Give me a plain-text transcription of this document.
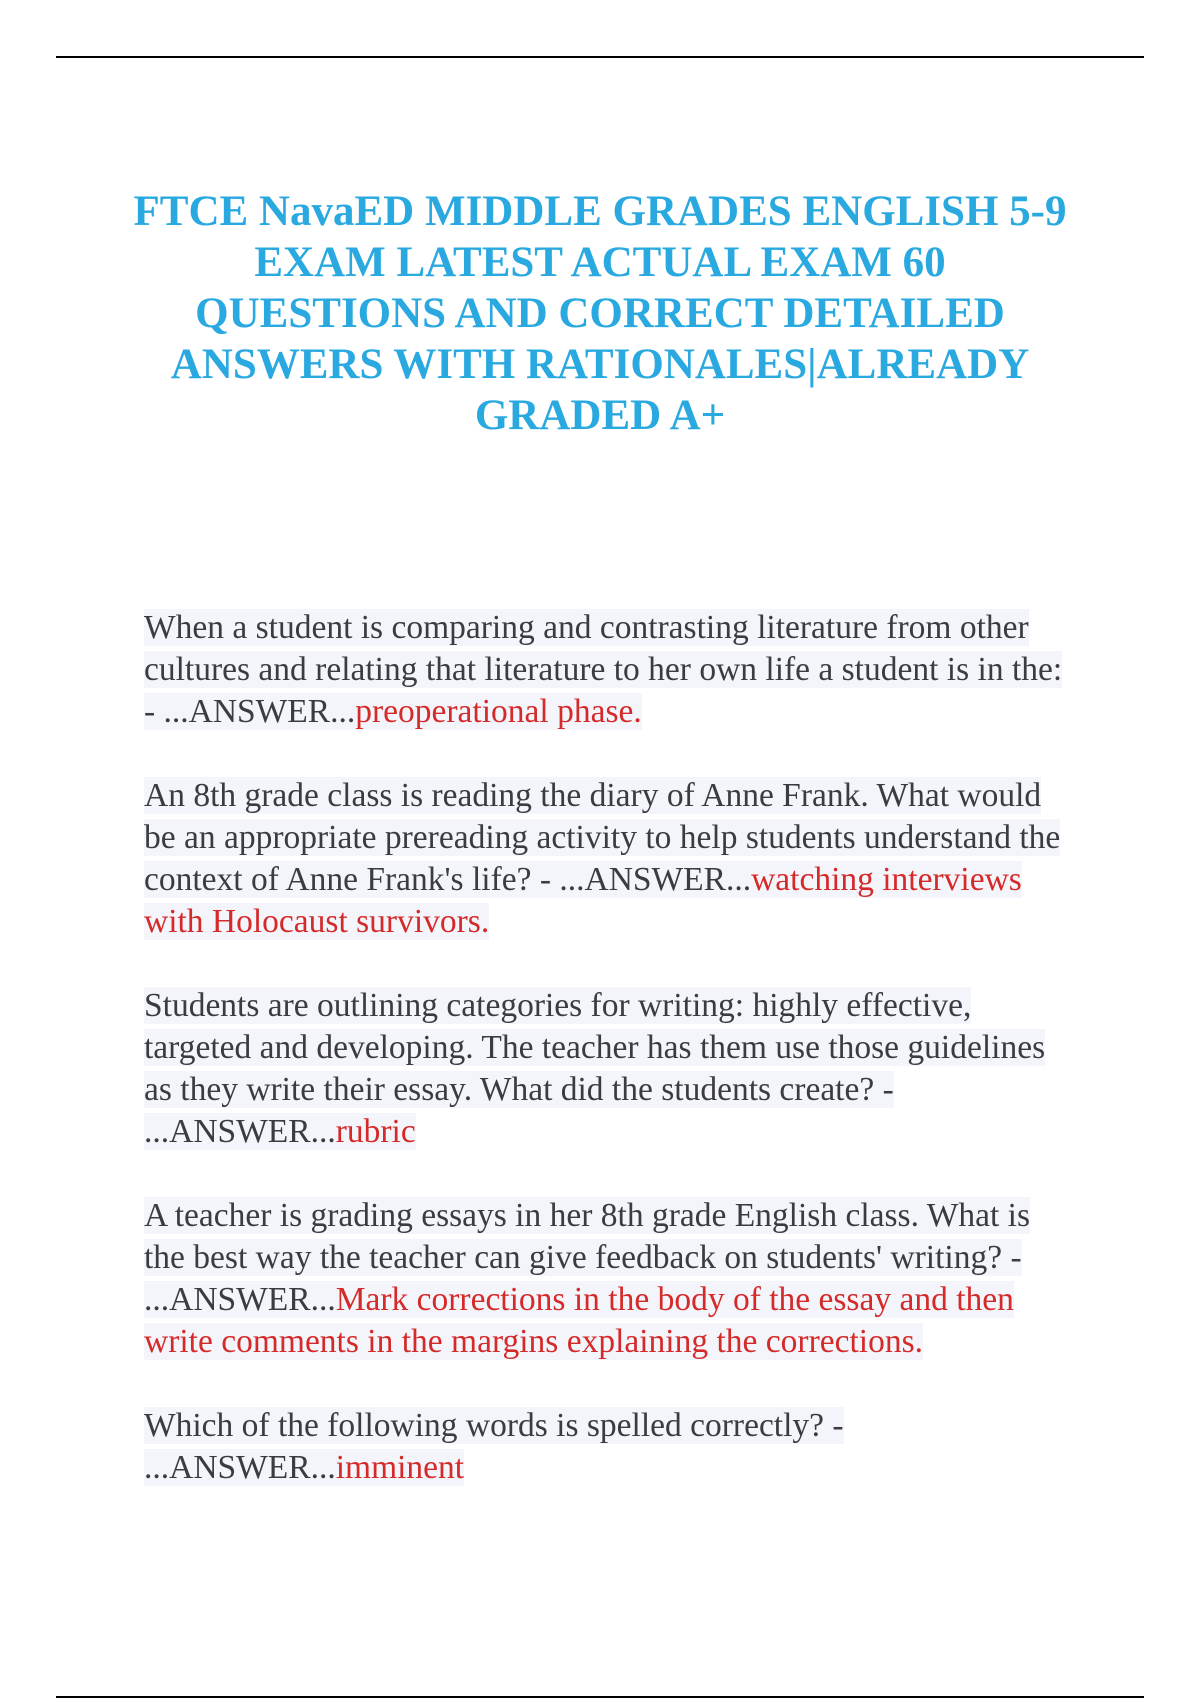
FTCE NavaED MIDDLE GRADES ENGLISH 5-9 EXAM LATEST ACTUAL EXAM 60 QUESTIONS AND CORRECT DETAILED ANSWERS WITH RATIONALES|ALREADY GRADED A+

When a student is comparing and contrasting literature from other cultures and relating that literature to her own life a student is in the: - ...ANSWER...preoperational phase.

An 8th grade class is reading the diary of Anne Frank. What would be an appropriate prereading activity to help students understand the context of Anne Frank's life? - ...ANSWER...watching interviews with Holocaust survivors.

Students are outlining categories for writing: highly effective, targeted and developing. The teacher has them use those guidelines as they write their essay. What did the students create? - ...ANSWER...rubric

A teacher is grading essays in her 8th grade English class. What is the best way the teacher can give feedback on students' writing? - ...ANSWER...Mark corrections in the body of the essay and then write comments in the margins explaining the corrections.

Which of the following words is spelled correctly? - ...ANSWER...imminent
